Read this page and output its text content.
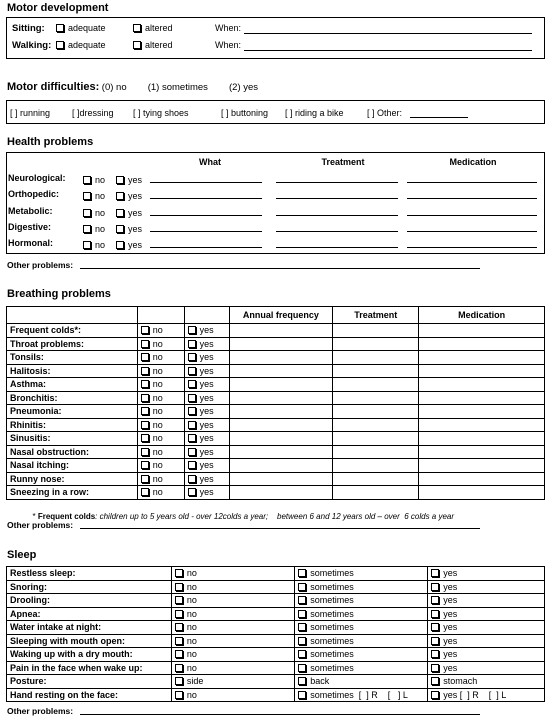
Motor development
Sitting:	adequate	altered	When:
Walking:	adequate	altered	When:
Motor difficulties: (0) no        (1) sometimes        (2) yes
[ ] running [ ]dressing [ ] tying shoes	[ ] buttoning [ ] riding a bike	[ ] Other:
Health problems
What	Treatment	Medication
Neurological:	no	yes
Orthopedic:	no	yes
Metabolic:	no	yes
Digestive:	no	yes
Hormonal:	no	yes
Other problems:
Breathing problems
			Annual frequency	Treatment	Medication
Frequent colds*:	no	yes			
Throat problems:	no	yes			
Tonsils:	no	yes			
Halitosis:	no	yes			
Asthma:	no	yes			
Bronchitis:	no	yes			
Pneumonia:	no	yes			
Rhinitis:	no	yes			
Sinusitis:	no	yes			
Nasal obstruction:	no	yes			
Nasal itching:	no	yes			
Runny nose:	no	yes			
Sneezing in a row:	no	yes			

* Frequent colds: children up to 5 years old - over 12colds a year;    between 6 and 12 years old – over  6 colds a year

Other problems:
Sleep
Restless sleep:	no	sometimes	yes
Snoring:	no	sometimes	yes
Drooling:	no	sometimes	yes
Apnea:	no	sometimes	yes
Water intake at night:	no	sometimes	yes
Sleeping with mouth open:	no	sometimes	yes
Waking up with a dry mouth:	no	sometimes	yes
Pain in the face when wake up:	no	sometimes	yes
Posture:	side	back	stomach
Hand resting on the face:	no	sometimes  [  ] R    [   ] L	yes [  ] R    [  ] L
Other problems:
